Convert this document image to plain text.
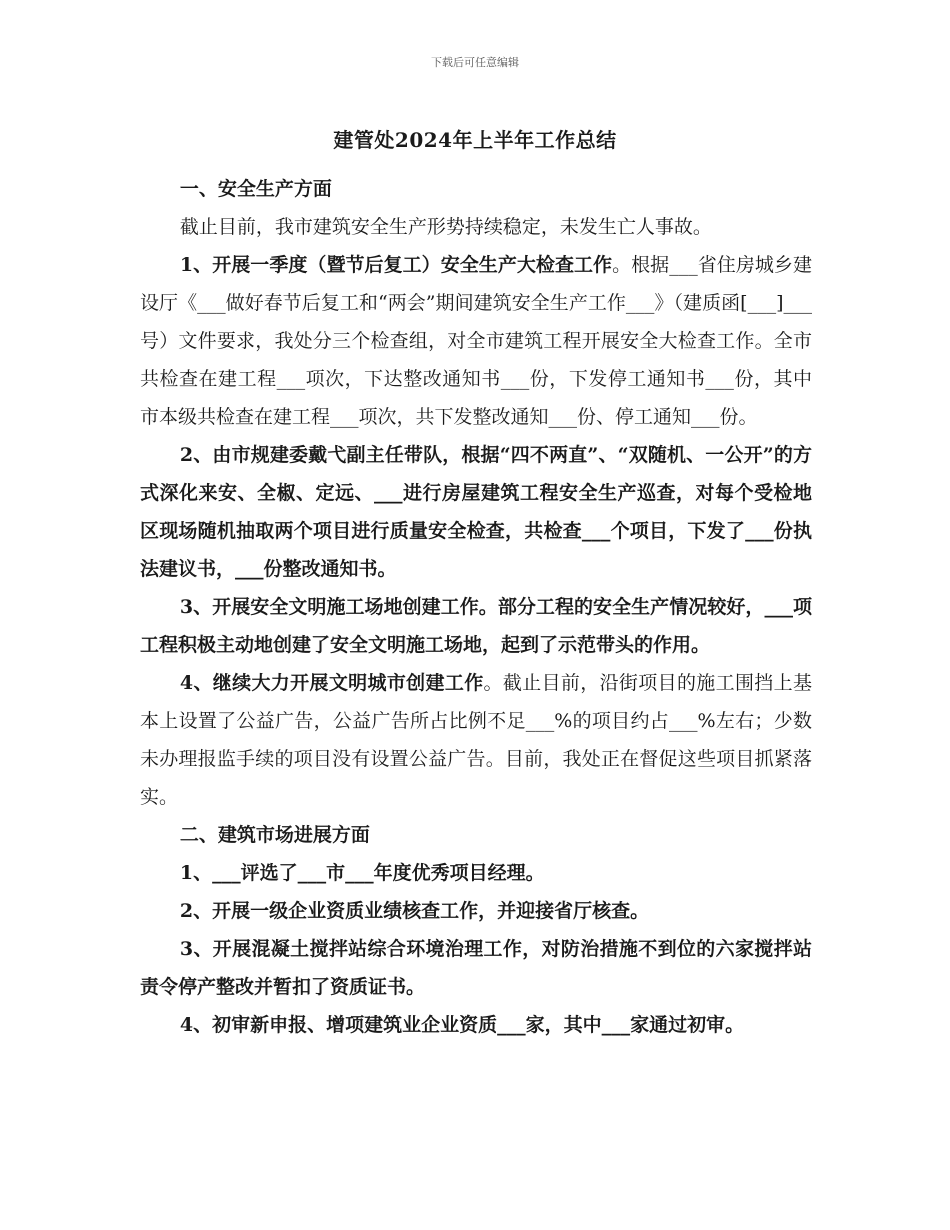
下载后可任意编辑
建管处2024年上半年工作总结

一、安全生产方面

截止目前，我市建筑安全生产形势持续稳定，未发生亡人事故。

1、开展一季度（暨节后复工）安全生产大检查工作。根据___省住房城乡建设厅《___做好春节后复工和“两会”期间建筑安全生产工作___》（建质函[___]___号）文件要求，我处分三个检查组，对全市建筑工程开展安全大检查工作。全市共检查在建工程___项次，下达整改通知书___份，下发停工通知书___份，其中市本级共检查在建工程___项次，共下发整改通知___份、停工通知___份。

2、由市规建委戴弋副主任带队，根据“四不两直”、“双随机、一公开”的方式深化来安、全椒、定远、___进行房屋建筑工程安全生产巡查，对每个受检地区现场随机抽取两个项目进行质量安全检查，共检查___个项目，下发了___份执法建议书，___份整改通知书。

3、开展安全文明施工场地创建工作。部分工程的安全生产情况较好，___项工程积极主动地创建了安全文明施工场地，起到了示范带头的作用。

4、继续大力开展文明城市创建工作。截止目前，沿街项目的施工围挡上基本上设置了公益广告，公益广告所占比例不足___%的项目约占___%左右；少数未办理报监手续的项目没有设置公益广告。目前，我处正在督促这些项目抓紧落实。

二、建筑市场进展方面

1、___评选了___市___年度优秀项目经理。

2、开展一级企业资质业绩核查工作，并迎接省厅核查。

3、开展混凝土搅拌站综合环境治理工作，对防治措施不到位的六家搅拌站责令停产整改并暂扣了资质证书。

4、初审新申报、增项建筑业企业资质___家，其中___家通过初审。
